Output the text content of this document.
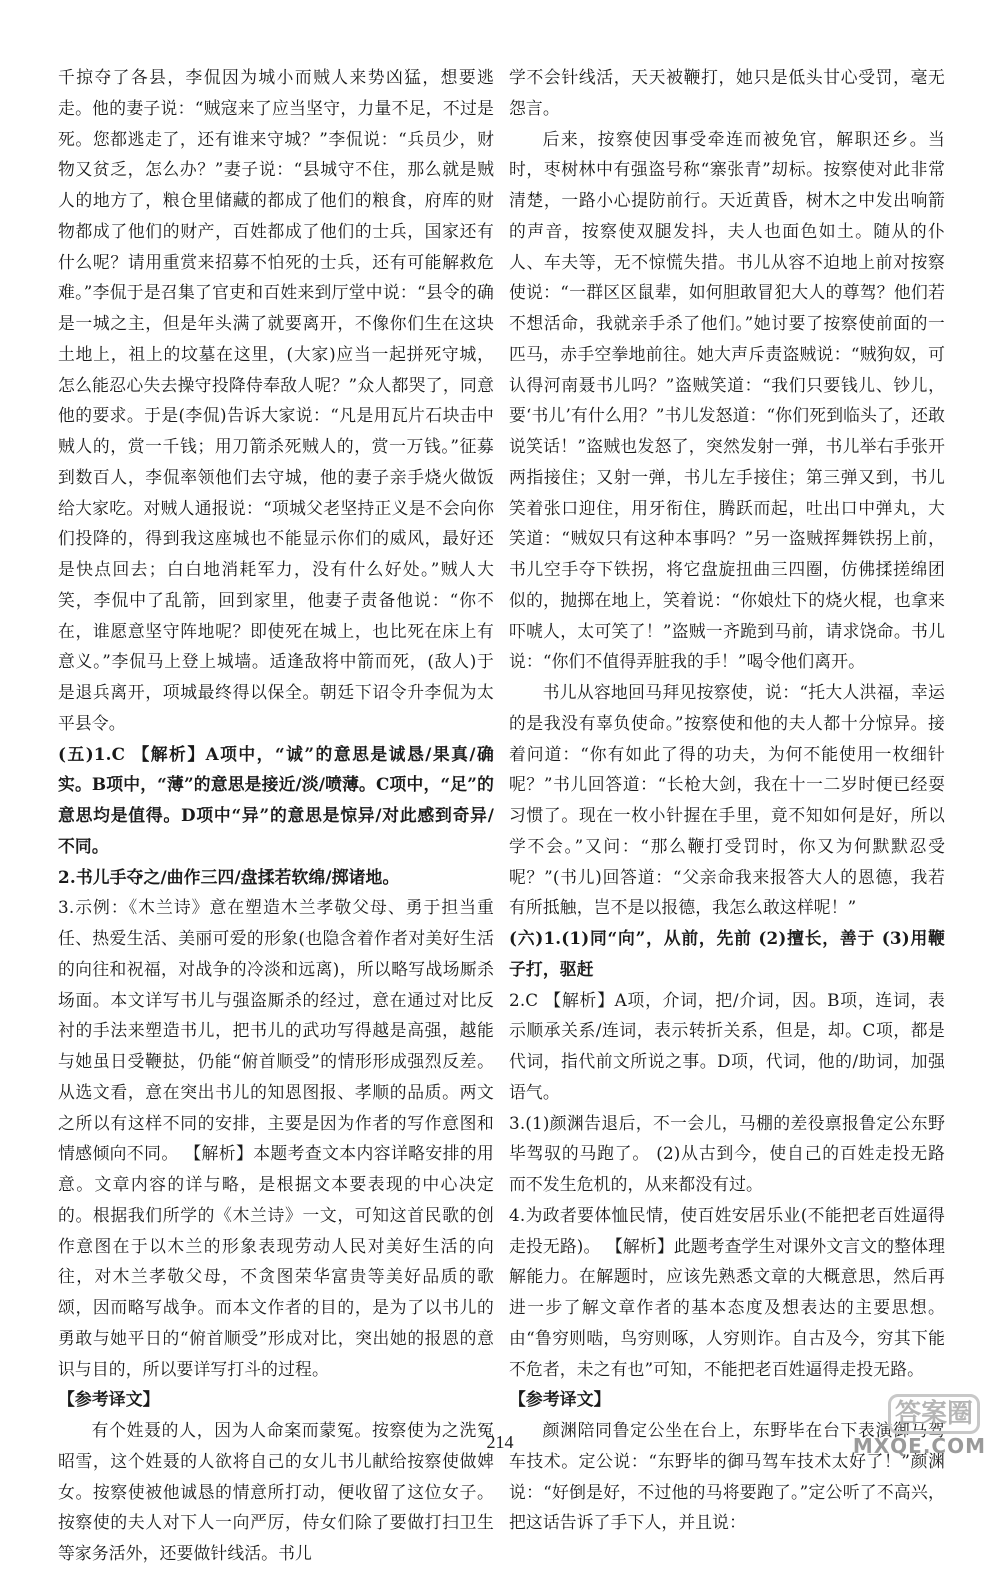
千掠夺了各县，李侃因为城小而贼人来势凶猛，想要逃走。他的妻子说：“贼寇来了应当坚守，力量不足，不过是死。您都逃走了，还有谁来守城？”李侃说：“兵员少，财物又贫乏，怎么办？”妻子说：“县城守不住，那么就是贼人的地方了，粮仓里储藏的都成了他们的粮食，府库的财物都成了他们的财产，百姓都成了他们的士兵，国家还有什么呢？请用重赏来招募不怕死的士兵，还有可能解救危难。”李侃于是召集了官吏和百姓来到厅堂中说：“县令的确是一城之主，但是年头满了就要离开，不像你们生在这块土地上，祖上的坟墓在这里，(大家)应当一起拼死守城，怎么能忍心失去操守投降侍奉敌人呢？”众人都哭了，同意他的要求。于是(李侃)告诉大家说：“凡是用瓦片石块击中贼人的，赏一千钱；用刀箭杀死贼人的，赏一万钱。”征募到数百人，李侃率领他们去守城，他的妻子亲手烧火做饭给大家吃。对贼人通报说：“项城父老坚持正义是不会向你们投降的，得到我这座城也不能显示你们的威风，最好还是快点回去；白白地消耗军力，没有什么好处。”贼人大笑，李侃中了乱箭，回到家里，他妻子责备他说：“你不在，谁愿意坚守阵地呢？即使死在城上，也比死在床上有意义。”李侃马上登上城墙。适逢敌将中箭而死，(敌人)于是退兵离开，项城最终得以保全。朝廷下诏令升李侃为太平县令。

(五)1.C 【解析】A项中，“诚”的意思是诚恳/果真/确实。B项中，“薄”的意思是接近/淡/喷薄。C项中，“足”的意思均是值得。D项中“异”的意思是惊异/对此感到奇异/不同。

2.书儿手夺之/曲作三四/盘揉若软绵/掷诸地。

3.示例：《木兰诗》意在塑造木兰孝敬父母、勇于担当重任、热爱生活、美丽可爱的形象(也隐含着作者对美好生活的向往和祝福，对战争的冷淡和远离)，所以略写战场厮杀场面。本文详写书儿与强盗厮杀的经过，意在通过对比反衬的手法来塑造书儿，把书儿的武功写得越是高强，越能与她虽日受鞭挞，仍能“俯首顺受”的情形形成强烈反差。从选文看，意在突出书儿的知恩图报、孝顺的品质。两文之所以有这样不同的安排，主要是因为作者的写作意图和情感倾向不同。 【解析】本题考查文本内容详略安排的用意。文章内容的详与略，是根据文本要表现的中心决定的。根据我们所学的《木兰诗》一文，可知这首民歌的创作意图在于以木兰的形象表现劳动人民对美好生活的向往，对木兰孝敬父母，不贪图荣华富贵等美好品质的歌颂，因而略写战争。而本文作者的目的，是为了以书儿的勇敢与她平日的“俯首顺受”形成对比，突出她的报恩的意识与目的，所以要详写打斗的过程。

【参考译文】

有个姓聂的人，因为人命案而蒙冤。按察使为之洗冤昭雪，这个姓聂的人欲将自己的女儿书儿献给按察使做婢女。按察使被他诚恳的情意所打动，便收留了这位女子。按察使的夫人对下人一向严厉，侍女们除了要做打扫卫生等家务活外，还要做针线活。书儿

学不会针线活，天天被鞭打，她只是低头甘心受罚，毫无怨言。

后来，按察使因事受牵连而被免官，解职还乡。当时，枣树林中有强盗号称“寨张青”刧标。按察使对此非常清楚，一路小心提防前行。天近黄昏，树木之中发出响箭的声音，按察使双腿发抖，夫人也面色如土。随从的仆人、车夫等，无不惊慌失措。书儿从容不迫地上前对按察使说：“一群区区鼠辈，如何胆敢冒犯大人的尊驾？他们若不想活命，我就亲手杀了他们。”她讨要了按察使前面的一匹马，赤手空拳地前往。她大声斥责盗贼说：“贼狗奴，可认得河南聂书儿吗？”盗贼笑道：“我们只要钱儿、钞儿，要‘书儿’有什么用？”书儿发怒道：“你们死到临头了，还敢说笑话！”盗贼也发怒了，突然发射一弹，书儿举右手张开两指接住；又射一弹，书儿左手接住；第三弹又到，书儿笑着张口迎住，用牙衔住，腾跃而起，吐出口中弹丸，大笑道：“贼奴只有这种本事吗？”另一盗贼挥舞铁拐上前，书儿空手夺下铁拐，将它盘旋扭曲三四圈，仿佛揉搓绵团似的，抛掷在地上，笑着说：“你娘灶下的烧火棍，也拿来吓唬人，太可笑了！”盗贼一齐跪到马前，请求饶命。书儿说：“你们不值得弄脏我的手！”喝令他们离开。

书儿从容地回马拜见按察使，说：“托大人洪福，幸运的是我没有辜负使命。”按察使和他的夫人都十分惊异。接着问道：“你有如此了得的功夫，为何不能使用一枚细针呢？”书儿回答道：“长枪大剑，我在十一二岁时便已经耍习惯了。现在一枚小针握在手里，竟不知如何是好，所以学不会。”又问：“那么鞭打受罚时，你又为何默默忍受呢？”(书儿)回答道：“父亲命我来报答大人的恩德，我若有所抵触，岂不是以报德，我怎么敢这样呢！”

(六)1.(1)同“向”，从前，先前 (2)擅长，善于 (3)用鞭子打，驱赶

2.C 【解析】A项，介词，把/介词，因。B项，连词，表示顺承关系/连词，表示转折关系，但是，却。C项，都是代词，指代前文所说之事。D项，代词，他的/助词，加强语气。

3.(1)颜渊告退后，不一会儿，马棚的差役禀报鲁定公东野毕驾驭的马跑了。 (2)从古到今，使自己的百姓走投无路而不发生危机的，从来都没有过。

4.为政者要体恤民情，使百姓安居乐业(不能把老百姓逼得走投无路)。 【解析】此题考查学生对课外文言文的整体理解能力。在解题时，应该先熟悉文章的大概意思，然后再进一步了解文章作者的基本态度及想表达的主要思想。由“鲁穷则啮，鸟穷则啄，人穷则诈。自古及今，穷其下能不危者，未之有也”可知，不能把老百姓逼得走投无路。

【参考译文】

颜渊陪同鲁定公坐在台上，东野毕在台下表演御马驾车技术。定公说：“东野毕的御马驾车技术太好了！”颜渊说：“好倒是好，不过他的马将要跑了。”定公听了不高兴，把这话告诉了手下人，并且说：

214
答案圈
MXQE.COM
